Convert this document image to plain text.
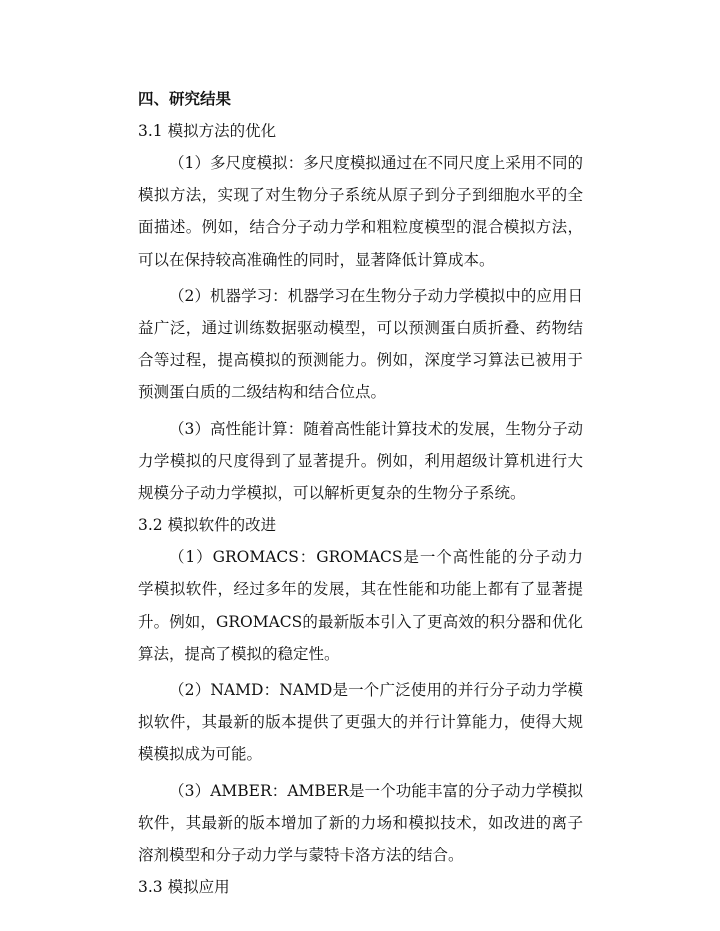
四、研究结果
3.1 模拟方法的优化

（1）多尺度模拟：多尺度模拟通过在不同尺度上采用不同的模拟方法，实现了对生物分子系统从原子到分子到细胞水平的全面描述。例如，结合分子动力学和粗粒度模型的混合模拟方法，可以在保持较高准确性的同时，显著降低计算成本。

（2）机器学习：机器学习在生物分子动力学模拟中的应用日益广泛，通过训练数据驱动模型，可以预测蛋白质折叠、药物结合等过程，提高模拟的预测能力。例如，深度学习算法已被用于预测蛋白质的二级结构和结合位点。

（3）高性能计算：随着高性能计算技术的发展，生物分子动力学模拟的尺度得到了显著提升。例如，利用超级计算机进行大规模分子动力学模拟，可以解析更复杂的生物分子系统。

3.2 模拟软件的改进

（1）GROMACS：GROMACS是一个高性能的分子动力学模拟软件，经过多年的发展，其在性能和功能上都有了显著提升。例如，GROMACS的最新版本引入了更高效的积分器和优化算法，提高了模拟的稳定性。

（2）NAMD：NAMD是一个广泛使用的并行分子动力学模拟软件，其最新的版本提供了更强大的并行计算能力，使得大规模模拟成为可能。

（3）AMBER：AMBER是一个功能丰富的分子动力学模拟软件，其最新的版本增加了新的力场和模拟技术，如改进的离子溶剂模型和分子动力学与蒙特卡洛方法的结合。

3.3 模拟应用
